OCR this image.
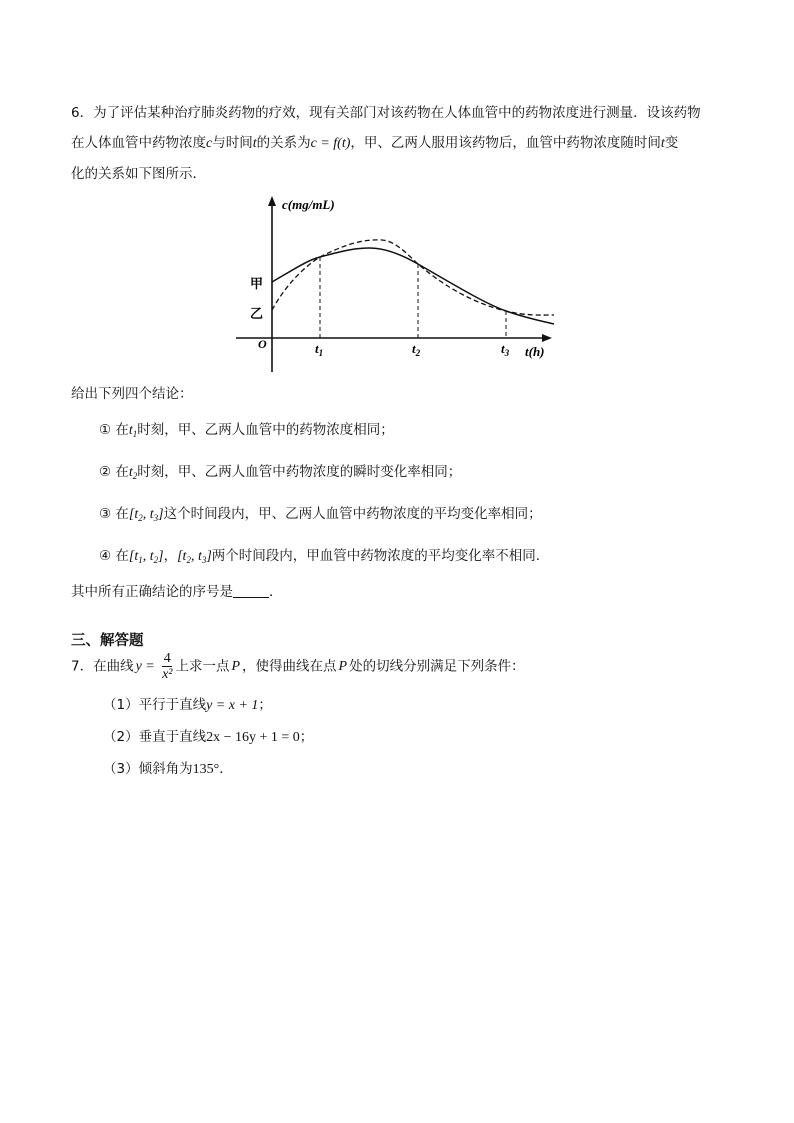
6．为了评估某种治疗肺炎药物的疗效，现有关部门对该药物在人体血管中的药物浓度进行测量．设该药物
在人体血管中药物浓度c与时间t的关系为c = f(t)，甲、乙两人服用该药物后，血管中药物浓度随时间t变
化的关系如下图所示．
c(mg/mL)
t(h)
O
甲
乙
$t_1$	$t_2$	$t_3$
给出下列四个结论：
① 在$t_1$时刻，甲、乙两人血管中的药物浓度相同；
② 在$t_2$时刻，甲、乙两人血管中药物浓度的瞬时变化率相同；
③ 在[$t_2$, $t_3$]这个时间段内，甲、乙两人血管中药物浓度的平均变化率相同；
④ 在[$t_1$, $t_2$]，[$t_2$, $t_3$]两个时间段内，甲血管中药物浓度的平均变化率不相同.
其中所有正确结论的序号是	．
三、解答题
7．在曲线 $y = \frac{4}{\text{x²}}$ 上求一点 P ，使得曲线在点 P 处的切线分别满足下列条件：
（1）平行于直线y = x + 1；
（2）垂直于直线2x − 16y + 1 = 0；
（3）倾斜角为135°．
